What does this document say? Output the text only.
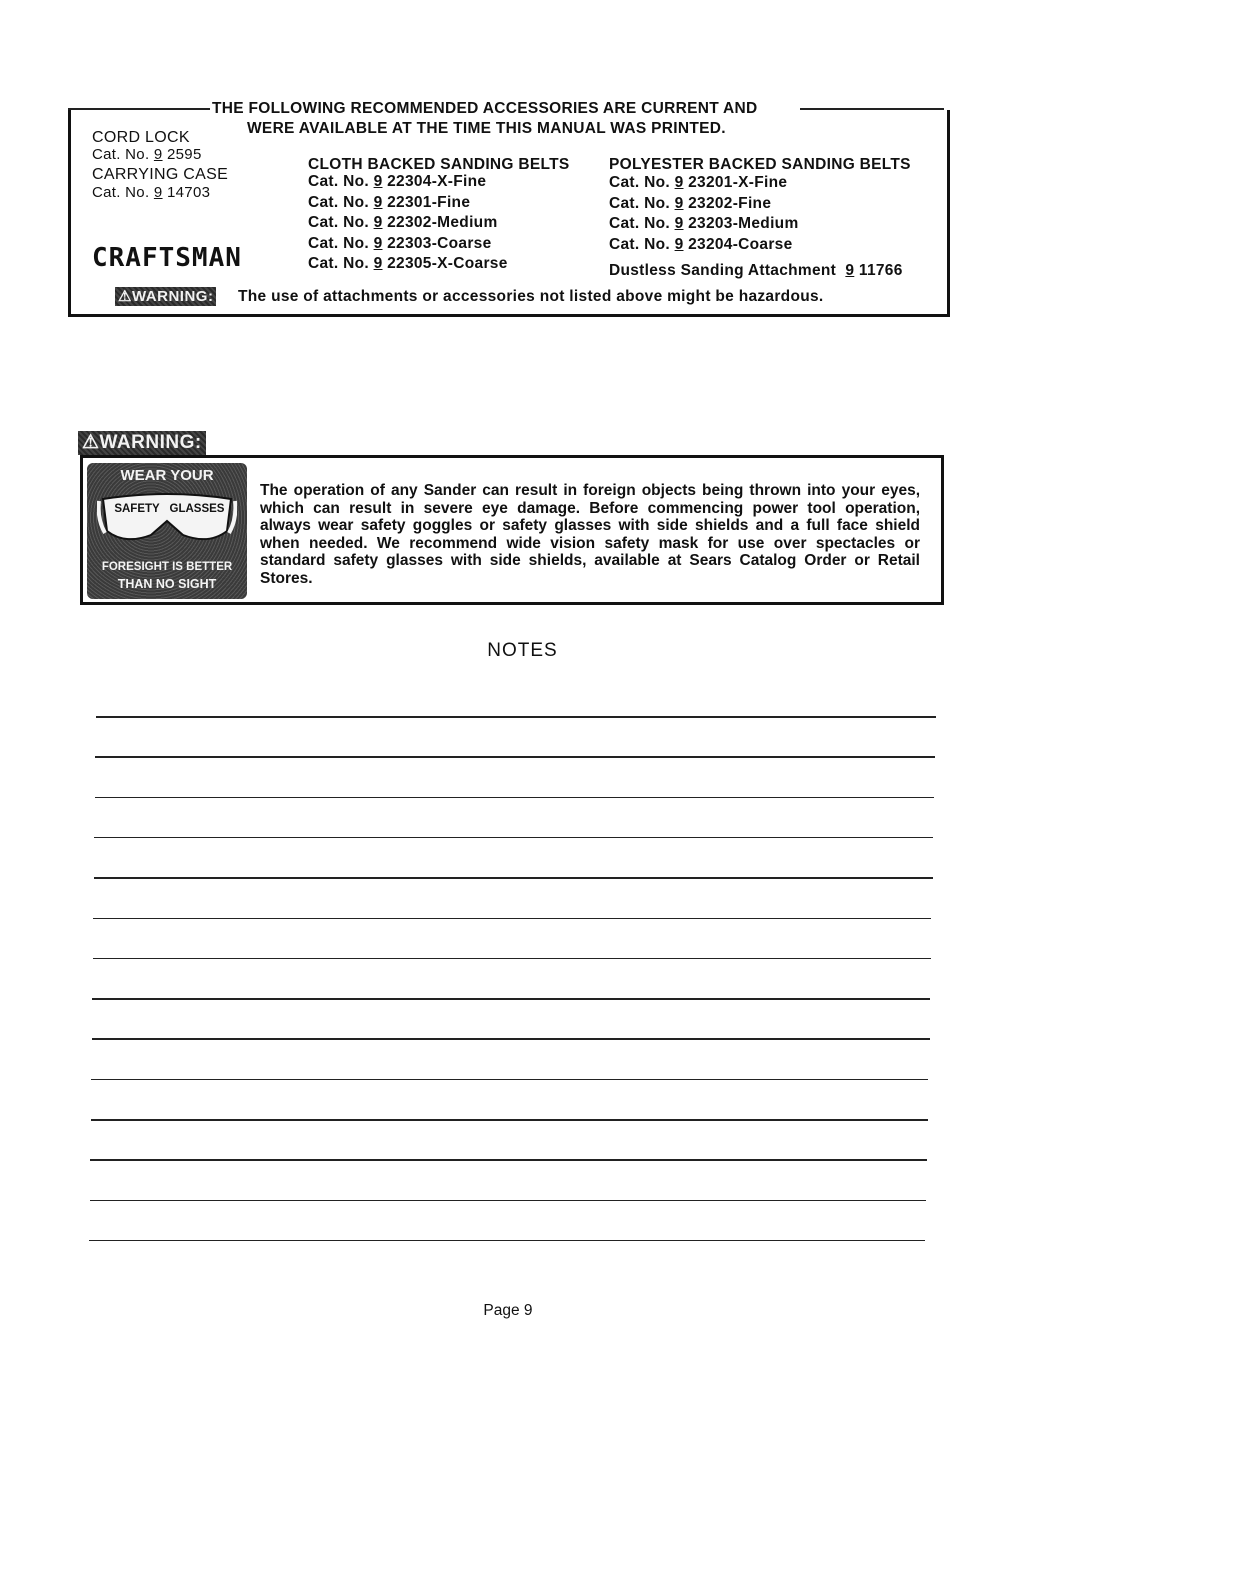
THE FOLLOWING RECOMMENDED ACCESSORIES ARE CURRENT AND
WERE AVAILABLE AT THE TIME THIS MANUAL WAS PRINTED.
CORD LOCK
Cat. No. 9 2595
CARRYING CASE
Cat. No. 9 14703
CRAFTSMAN
CLOTH BACKED SANDING BELTS
Cat. No. 9 22304-X-Fine
Cat. No. 9 22301-Fine
Cat. No. 9 22302-Medium
Cat. No. 9 22303-Coarse
Cat. No. 9 22305-X-Coarse
POLYESTER BACKED SANDING BELTS
Cat. No. 9 23201-X-Fine
Cat. No. 9 23202-Fine
Cat. No. 9 23203-Medium
Cat. No. 9 23204-Coarse
Dustless Sanding Attachment 9 11766
⚠WARNING: The use of attachments or accessories not listed above might be hazardous.
⚠WARNING:
WEAR YOUR
SAFETY GLASSES
FORESIGHT IS BETTER
THAN NO SIGHT
The operation of any Sander can result in foreign objects being thrown into your eyes, which can result in severe eye damage. Before commencing power tool operation, always wear safety goggles or safety glasses with side shields and a full face shield when needed. We recommend wide vision safety mask for use over spectacles or standard safety glasses with side shields, available at Sears Catalog Order or Retail Stores.
NOTES
Page 9
